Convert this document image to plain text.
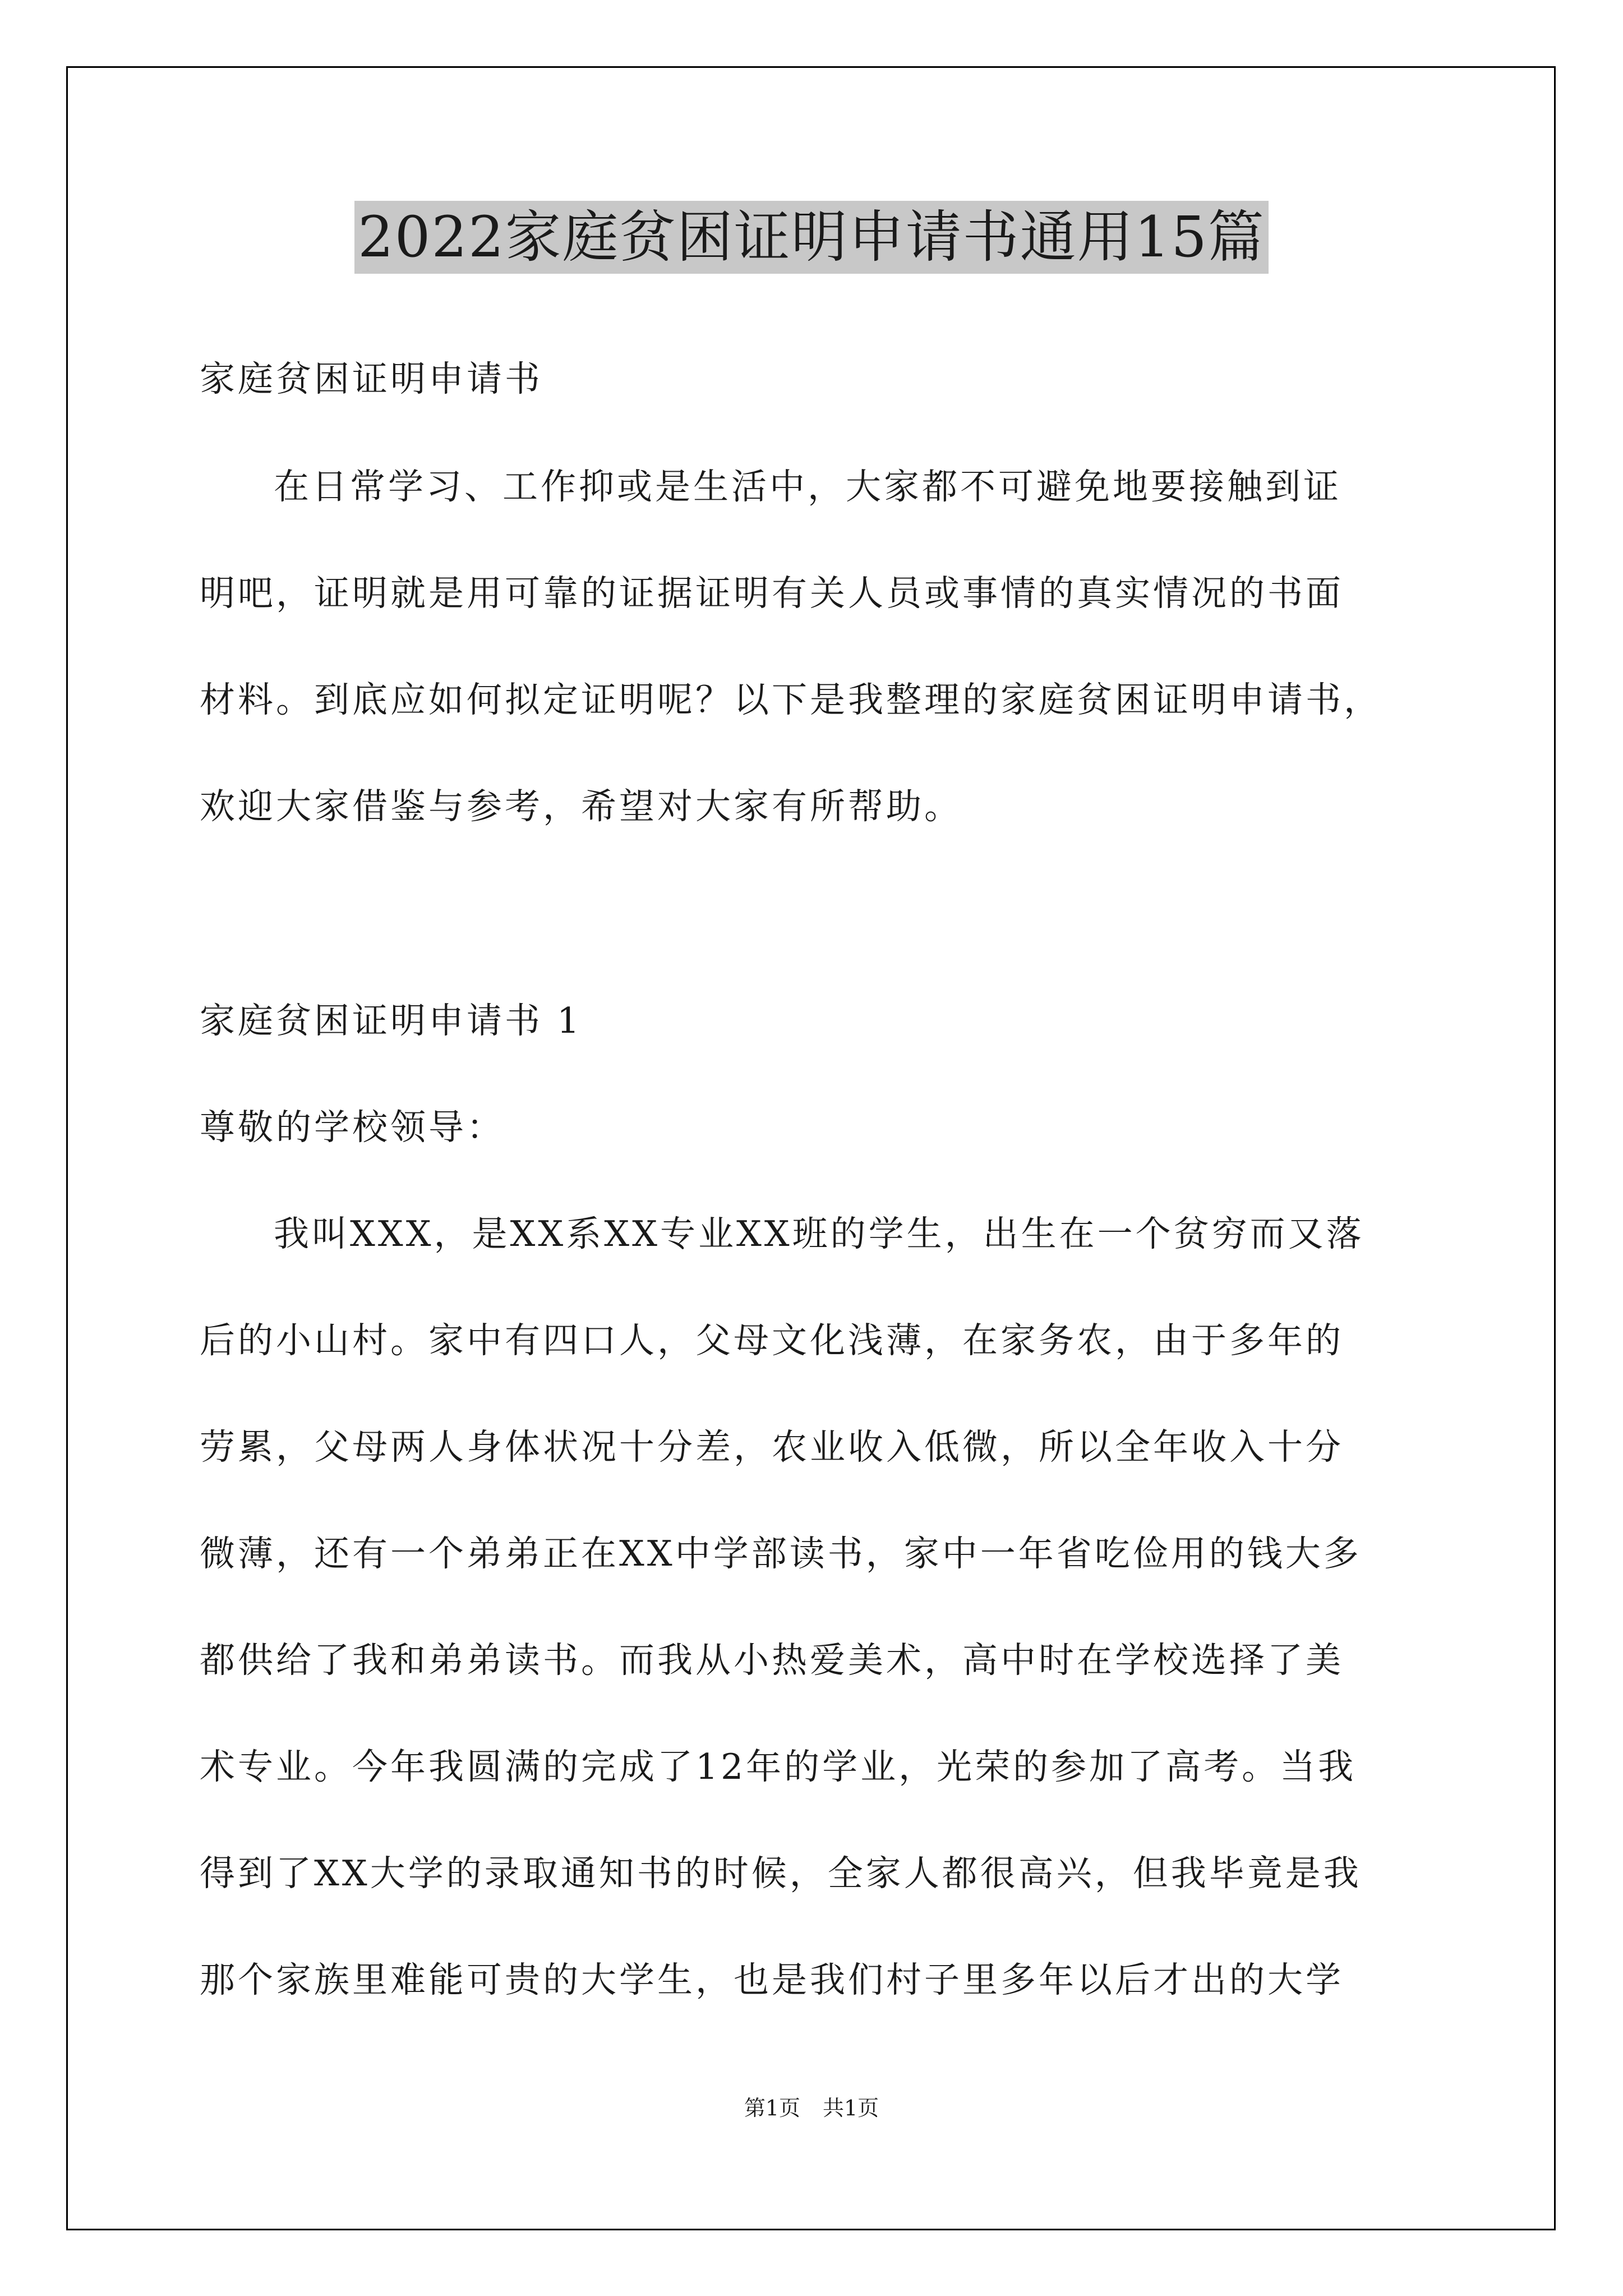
2022家庭贫困证明申请书通用15篇

家庭贫困证明申请书

在日常学习、工作抑或是生活中，大家都不可避免地要接触到证

明吧，证明就是用可靠的证据证明有关人员或事情的真实情况的书面

材料。到底应如何拟定证明呢？以下是我整理的家庭贫困证明申请书，

欢迎大家借鉴与参考，希望对大家有所帮助。

家庭贫困证明申请书 1

尊敬的学校领导：

我叫XXX，是XX系XX专业XX班的学生，出生在一个贫穷而又落

后的小山村。家中有四口人，父母文化浅薄，在家务农，由于多年的

劳累，父母两人身体状况十分差，农业收入低微，所以全年收入十分

微薄，还有一个弟弟正在XX中学部读书，家中一年省吃俭用的钱大多

都供给了我和弟弟读书。而我从小热爱美术，高中时在学校选择了美

术专业。今年我圆满的完成了12年的学业，光荣的参加了高考。当我

得到了XX大学的录取通知书的时候，全家人都很高兴，但我毕竟是我

那个家族里难能可贵的大学生，也是我们村子里多年以后才出的大学

第1页 共1页
